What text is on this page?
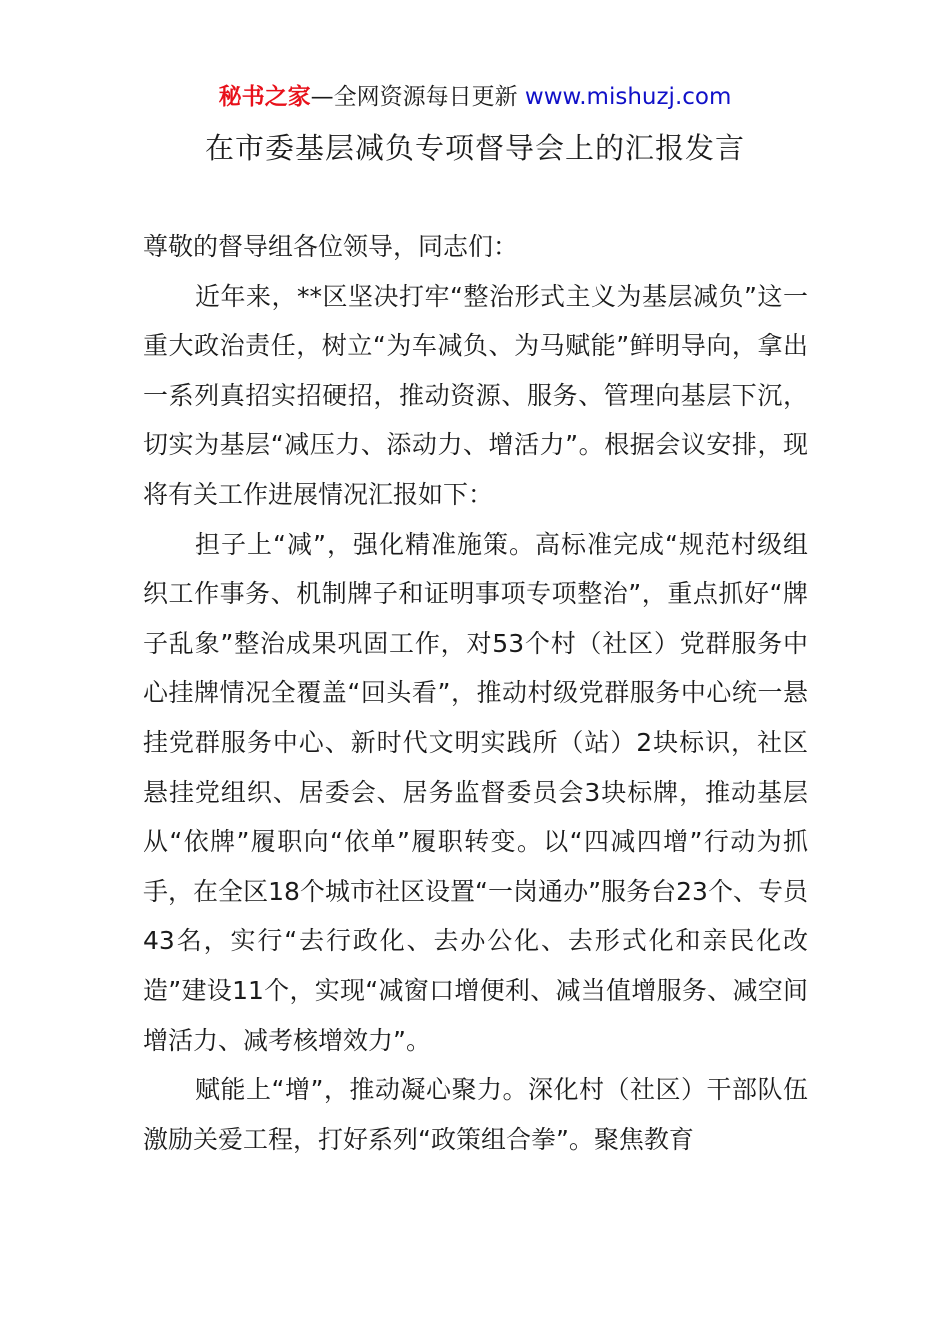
秘书之家—全网资源每日更新 www.mishuzj.com
在市委基层减负专项督导会上的汇报发言

尊敬的督导组各位领导，同志们：

近年来，**区坚决打牢“整治形式主义为基层减负”这一重大政治责任，树立“为车减负、为马赋能”鲜明导向，拿出一系列真招实招硬招，推动资源、服务、管理向基层下沉，切实为基层“减压力、添动力、增活力”。根据会议安排，现将有关工作进展情况汇报如下：

担子上“减”，强化精准施策。高标准完成“规范村级组织工作事务、机制牌子和证明事项专项整治”，重点抓好“牌子乱象”整治成果巩固工作，对53个村（社区）党群服务中心挂牌情况全覆盖“回头看”，推动村级党群服务中心统一悬挂党群服务中心、新时代文明实践所（站）2块标识，社区悬挂党组织、居委会、居务监督委员会3块标牌，推动基层从“依牌”履职向“依单”履职转变。以“四减四增”行动为抓手，在全区18个城市社区设置“一岗通办”服务台23个、专员43名，实行“去行政化、去办公化、去形式化和亲民化改造”建设11个，实现“减窗口增便利、减当值增服务、减空间增活力、减考核增效力”。

赋能上“增”，推动凝心聚力。深化村（社区）干部队伍激励关爱工程，打好系列“政策组合拳”。聚焦教育
